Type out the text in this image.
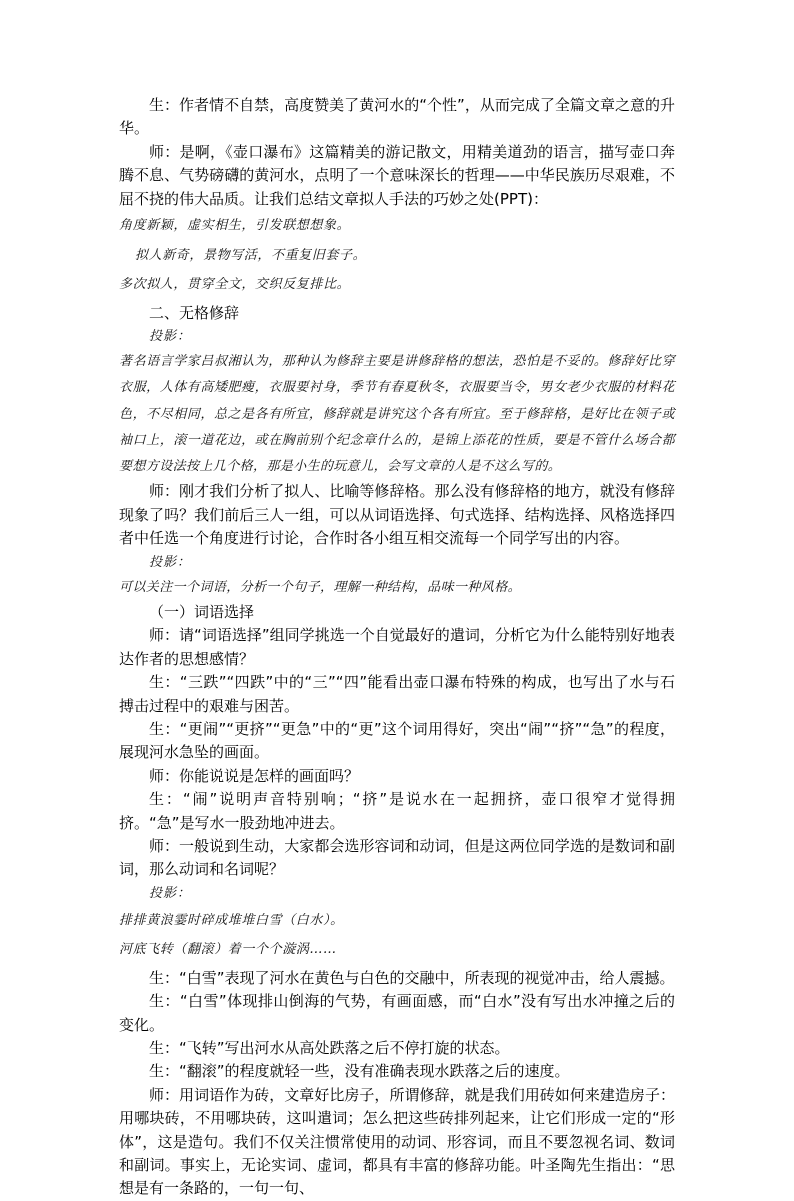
生：作者情不自禁，高度赞美了黄河水的“个性”，从而完成了全篇文章之意的升华。

师：是啊，《壶口瀑布》这篇精美的游记散文，用精美道劲的语言，描写壶口奔腾不息、气势磅礴的黄河水，点明了一个意味深长的哲理——中华民族历尽艰难，不屈不挠的伟大品质。让我们总结文章拟人手法的巧妙之处(PPT)：

角度新颖，虚实相生，引发联想想象。

拟人新奇，景物写活，不重复旧套子。

多次拟人，贯穿全文，交织反复排比。

二、无格修辞

投影：

著名语言学家吕叔湘认为，那种认为修辞主要是讲修辞格的想法，恐怕是不妥的。修辞好比穿衣服，人体有高矮肥瘦，衣服要衬身，季节有春夏秋冬，衣服要当令，男女老少衣服的材料花色，不尽相同，总之是各有所宜，修辞就是讲究这个各有所宜。至于修辞格，是好比在领子或袖口上，滚一道花边，或在胸前别个纪念章什么的，是锦上添花的性质，要是不管什么场合都要想方设法按上几个格，那是小生的玩意儿，会写文章的人是不这么写的。

师：刚才我们分析了拟人、比喻等修辞格。那么没有修辞格的地方，就没有修辞现象了吗？我们前后三人一组，可以从词语选择、句式选择、结构选择、风格选择四者中任选一个角度进行讨论，合作时各小组互相交流每一个同学写出的内容。

投影：

可以关注一个词语，分析一个句子，理解一种结构，品味一种风格。

（一）词语选择

师：请“词语选择”组同学挑选一个自觉最好的遣词，分析它为什么能特别好地表达作者的思想感情？

生：“三跌”“四跌”中的“三”“四”能看出壶口瀑布特殊的构成，也写出了水与石搏击过程中的艰难与困苦。

生：“更闹”“更挤”“更急”中的“更”这个词用得好，突出“闹”“挤”“急”的程度，展现河水急坠的画面。

师：你能说说是怎样的画面吗？

生：“闹”说明声音特别响；“挤”是说水在一起拥挤，壶口很窄才觉得拥挤。“急”是写水一股劲地冲进去。

师：一般说到生动，大家都会选形容词和动词，但是这两位同学选的是数词和副词，那么动词和名词呢？

投影：

排排黄浪霎时碎成堆堆白雪（白水）。

河底飞转（翻滚）着一个个漩涡……

生：“白雪”表现了河水在黄色与白色的交融中，所表现的视觉冲击，给人震撼。

生：“白雪”体现排山倒海的气势，有画面感，而“白水”没有写出水冲撞之后的变化。

生：“飞转”写出河水从高处跌落之后不停打旋的状态。

生：“翻滚”的程度就轻一些，没有准确表现水跌落之后的速度。

师：用词语作为砖，文章好比房子，所谓修辞，就是我们用砖如何来建造房子：用哪块砖，不用哪块砖，这叫遣词；怎么把这些砖排列起来，让它们形成一定的“形体”，这是造句。我们不仅关注惯常使用的动词、形容词，而且不要忽视名词、数词和副词。事实上，无论实词、虚词，都具有丰富的修辞功能。叶圣陶先生指出：“思想是有一条路的，一句一句、
